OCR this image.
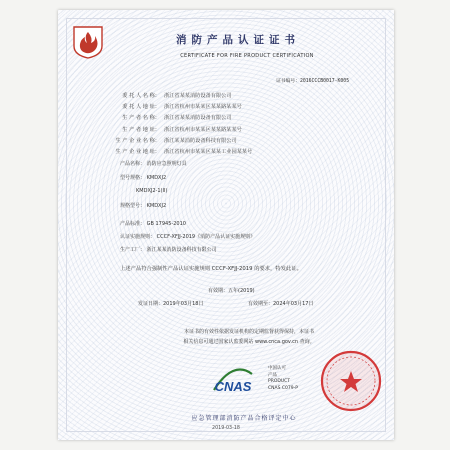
消防产品认证证书
CERTIFICATE FOR FIRE PRODUCT CERTIFICATION
证书编号：2016CCCB0017-K005
委 托 人 名 称： 浙江省某某消防设备有限公司
委 托 人 地 址： 浙江省杭州市某某区某某路某某号
生 产 者 名 称： 浙江省某某消防设备有限公司
生 产 者 地 址： 浙江省杭州市某某区某某路某某号
生 产 企 业 名 称： 浙江某某消防设备科技有限公司
生 产 企 业 地 址： 浙江省杭州市某某区某某工业园某某号
产品名称： 消防应急照明灯具
型号规格： KMDXJ2
KMDXJ2-1(II)
规格型号： KMDXJ2
产品标准： GB 17945-2010
认证实施规则： CCCF-XFJJ-2019《消防产品认证实施规则》
生产工厂： 浙江某某消防设备科技有限公司
上述产品符合强制性产品认证实施规则 CCCF-XFJJ-2019 的要求，特发此证。
有效期：五年(2019)
发证日期：2019年03月18日	有效期至：2024年03月17日
本证书的有效性依据发证机构的定期监督获得保持，本证书
相关信息可通过国家认监委网站 www.cnca.gov.cn 查询。
CNAS
中国认可
产品
PRODUCT
CNAS C079-P
应急管理部消防产品合格评定中心
2019-03-18
